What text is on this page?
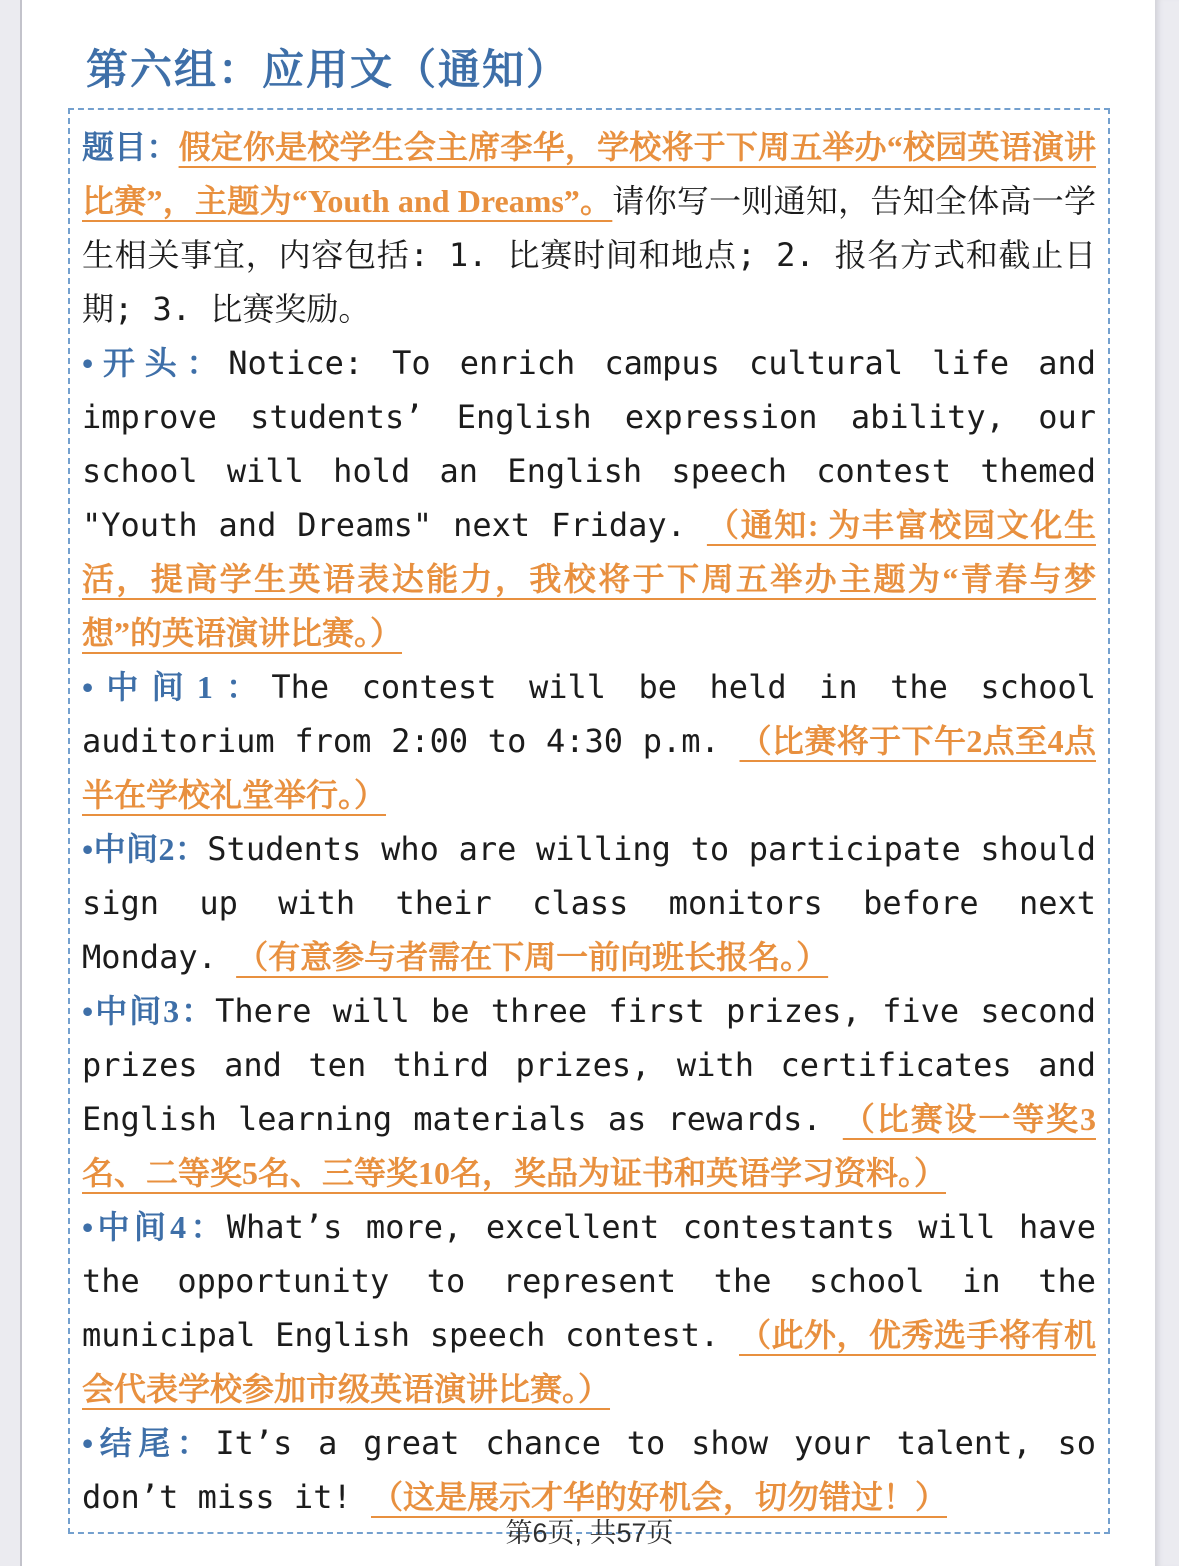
第六组：应用文（通知）

题目：假定你是校学生会主席李华，学校将于下周五举办“校园英语演讲比赛”，主题为“Youth and Dreams”。请你写一则通知，告知全体高一学生相关事宜，内容包括: 1. 比赛时间和地点; 2. 报名方式和截止日期; 3. 比赛奖励。

•开头：Notice: To enrich campus cultural life and improve students’ English expression ability, our school will hold an English speech contest themed "Youth and Dreams" next Friday. （通知: 为丰富校园文化生活，提高学生英语表达能力，我校将于下周五举办主题为“青春与梦想”的英语演讲比赛。）

•中间1：The contest will be held in the school auditorium from 2:00 to 4:30 p.m. （比赛将于下午2点至4点半在学校礼堂举行。）

•中间2：Students who are willing to participate should sign up with their class monitors before next Monday. （有意参与者需在下周一前向班长报名。）

•中间3：There will be three first prizes, five second prizes and ten third prizes, with certificates and English learning materials as rewards. （比赛设一等奖3名、二等奖5名、三等奖10名，奖品为证书和英语学习资料。）

•中间4：What’s more, excellent contestants will have the opportunity to represent the school in the municipal English speech contest. （此外，优秀选手将有机会代表学校参加市级英语演讲比赛。）

•结尾：It’s a great chance to show your talent, so don’t miss it! （这是展示才华的好机会，切勿错过！）

第6页, 共57页
